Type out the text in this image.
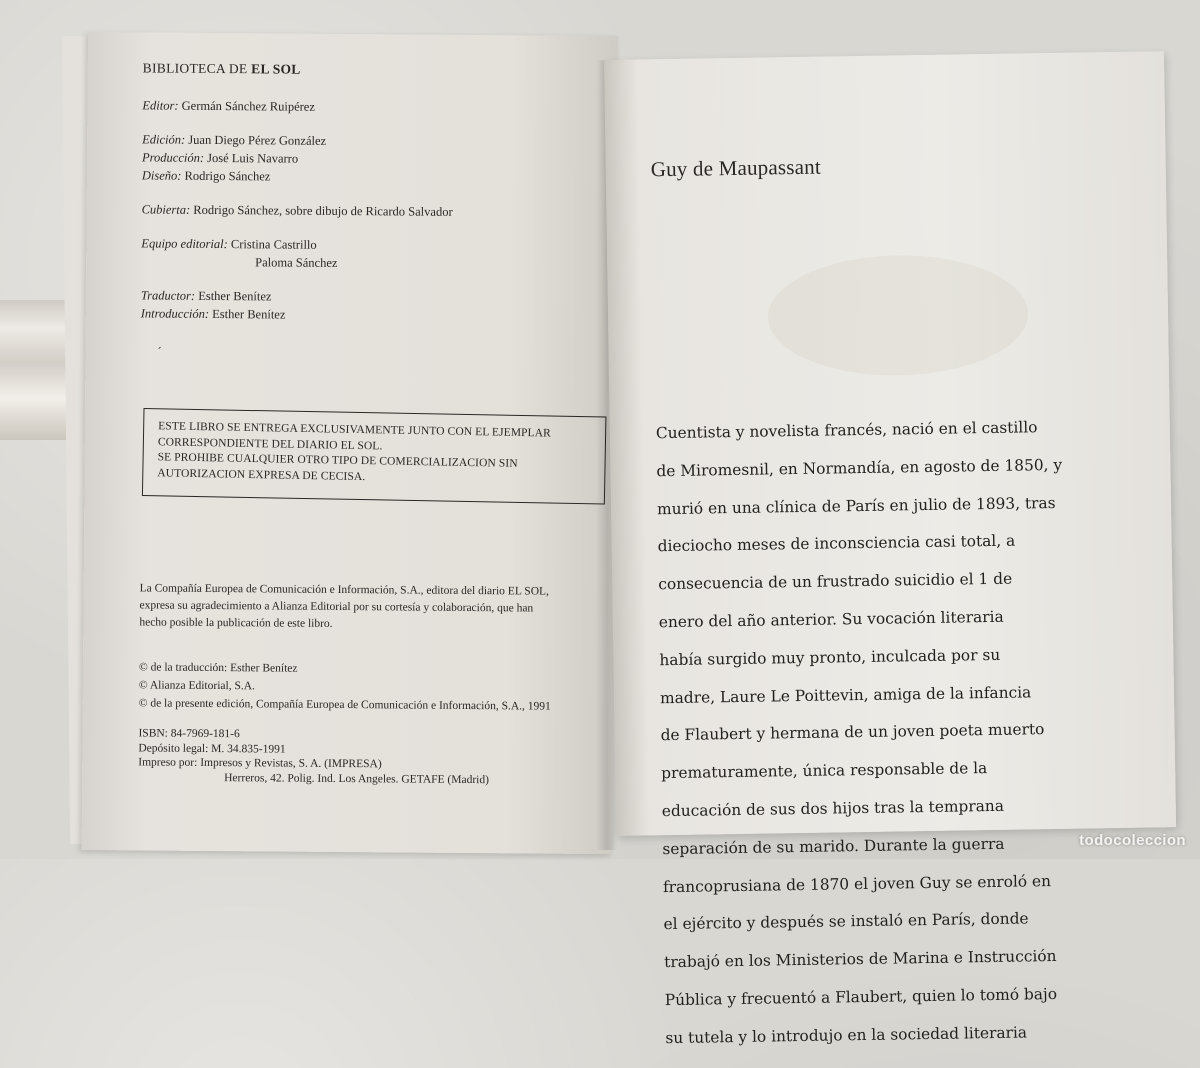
BIBLIOTECA DE EL SOL
Editor: Germán Sánchez Ruipérez
Edición: Juan Diego Pérez González
Producción: José Luis Navarro
Diseño: Rodrigo Sánchez
Cubierta: Rodrigo Sánchez, sobre dibujo de Ricardo Salvador
Equipo editorial: Cristina Castrillo
Paloma Sánchez
Traductor: Esther Benítez
Introducción: Esther Benítez
´
ESTE LIBRO SE ENTREGA EXCLUSIVAMENTE JUNTO CON EL EJEMPLAR
CORRESPONDIENTE DEL DIARIO EL SOL.
SE PROHIBE CUALQUIER OTRO TIPO DE COMERCIALIZACION SIN
AUTORIZACION EXPRESA DE CECISA.
La Compañía Europea de Comunicación e Información, S.A., editora del diario EL SOL,
expresa su agradecimiento a Alianza Editorial por su cortesía y colaboración, que han
hecho posible la publicación de este libro.
© de la traducción: Esther Benítez
© Alianza Editorial, S.A.
© de la presente edición, Compañía Europea de Comunicación e Información, S.A., 1991
ISBN: 84-7969-181-6
Depósito legal: M. 34.835-1991
Impreso por: Impresos y Revistas, S. A. (IMPRESA)
Herreros, 42. Polig. Ind. Los Angeles. GETAFE (Madrid)
Guy de Maupassant

Cuentista y novelista francés, nació en el castillo

de Miromesnil, en Normandía, en agosto de 1850, y

murió en una clínica de París en julio de 1893, tras

dieciocho meses de inconsciencia casi total, a

consecuencia de un frustrado suicidio el 1 de

enero del año anterior. Su vocación literaria

había surgido muy pronto, inculcada por su

madre, Laure Le Poittevin, amiga de la infancia

de Flaubert y hermana de un joven poeta muerto

prematuramente, única responsable de la

educación de sus dos hijos tras la temprana

separación de su marido. Durante la guerra

francoprusiana de 1870 el joven Guy se enroló en

el ejército y después se instaló en París, donde

trabajó en los Ministerios de Marina e Instrucción

Pública y frecuentó a Flaubert, quien lo tomó bajo

su tutela y lo introdujo en la sociedad literaria

todocoleccion
